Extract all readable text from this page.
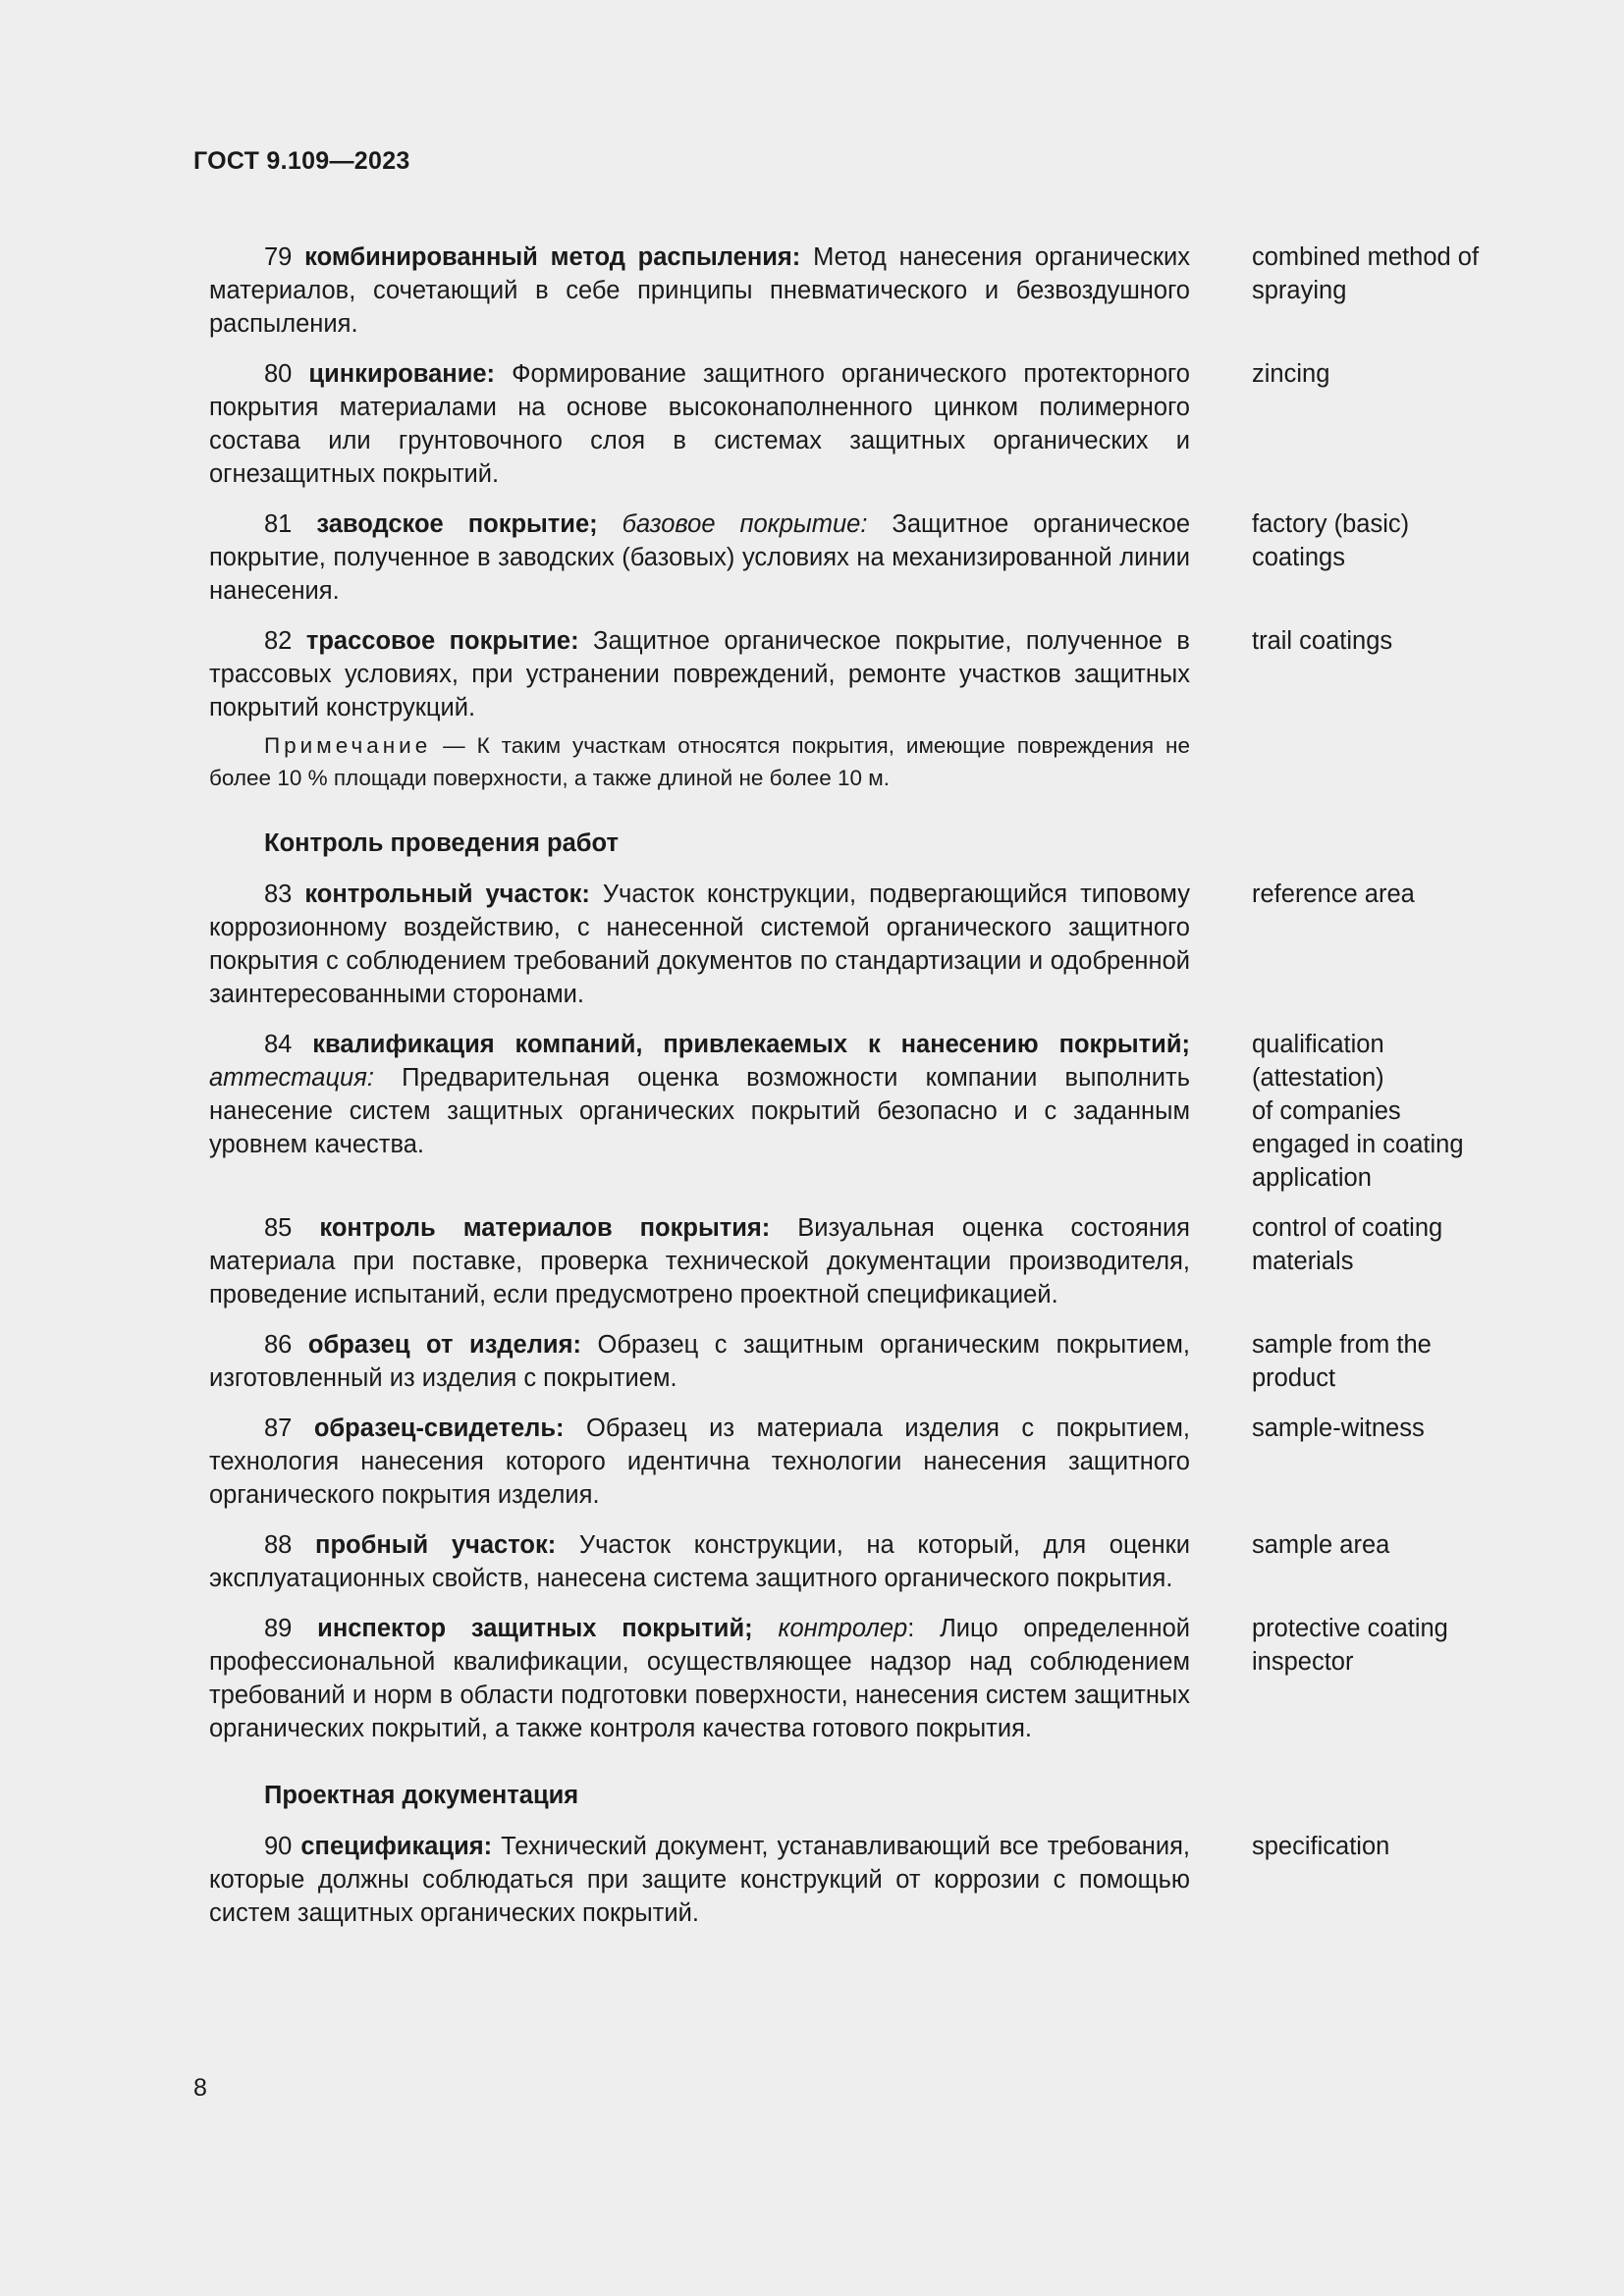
ГОСТ 9.109—2023
79 комбинированный метод распыления: Метод нанесения органических материалов, сочетающий в себе принципы пневматического и безвоздушного распыления.
combined method of spraying
80 цинкирование: Формирование защитного органического протекторного покрытия материалами на основе высоконаполненного цинком полимерного состава или грунтовочного слоя в системах защитных органических и огнезащитных покрытий.
zincing
81 заводское покрытие; базовое покрытие: Защитное органическое покрытие, полученное в заводских (базовых) условиях на механизированной линии нанесения.
factory (basic)
coatings
82 трассовое покрытие: Защитное органическое покрытие, полученное в трассовых условиях, при устранении повреждений, ремонте участков защитных покрытий конструкций.
trail coatings
Примечание — К таким участкам относятся покрытия, имеющие повреждения не более 10 % площади поверхности, а также длиной не более 10 м.
Контроль проведения работ
83 контрольный участок: Участок конструкции, подвергающийся типовому коррозионному воздействию, с нанесенной системой органического защитного покрытия с соблюдением требований документов по стандартизации и одобренной заинтересованными сторонами.
reference area
84 квалификация компаний, привлекаемых к нанесению покрытий; аттестация: Предварительная оценка возможности компании выполнить нанесение систем защитных органических покрытий безопасно и с заданным уровнем качества.
qualification
(attestation)
of companies
engaged in coating
application
85 контроль материалов покрытия: Визуальная оценка состояния материала при поставке, проверка технической документации производителя, проведение испытаний, если предусмотрено проектной спецификацией.
control of coating
materials
86 образец от изделия: Образец с защитным органическим покрытием, изготовленный из изделия с покрытием.
sample from the
product
87 образец-свидетель: Образец из материала изделия с покрытием, технология нанесения которого идентична технологии нанесения защитного органического покрытия изделия.
sample-witness
88 пробный участок: Участок конструкции, на который, для оценки эксплуатационных свойств, нанесена система защитного органического покрытия.
sample area
89 инспектор защитных покрытий; контролер: Лицо определенной профессиональной квалификации, осуществляющее надзор над соблюдением требований и норм в области подготовки поверхности, нанесения систем защитных органических покрытий, а также контроля качества готового покрытия.
protective coating
inspector
Проектная документация
90 спецификация: Технический документ, устанавливающий все требования, которые должны соблюдаться при защите конструкций от коррозии с помощью систем защитных органических покрытий.
specification
8
